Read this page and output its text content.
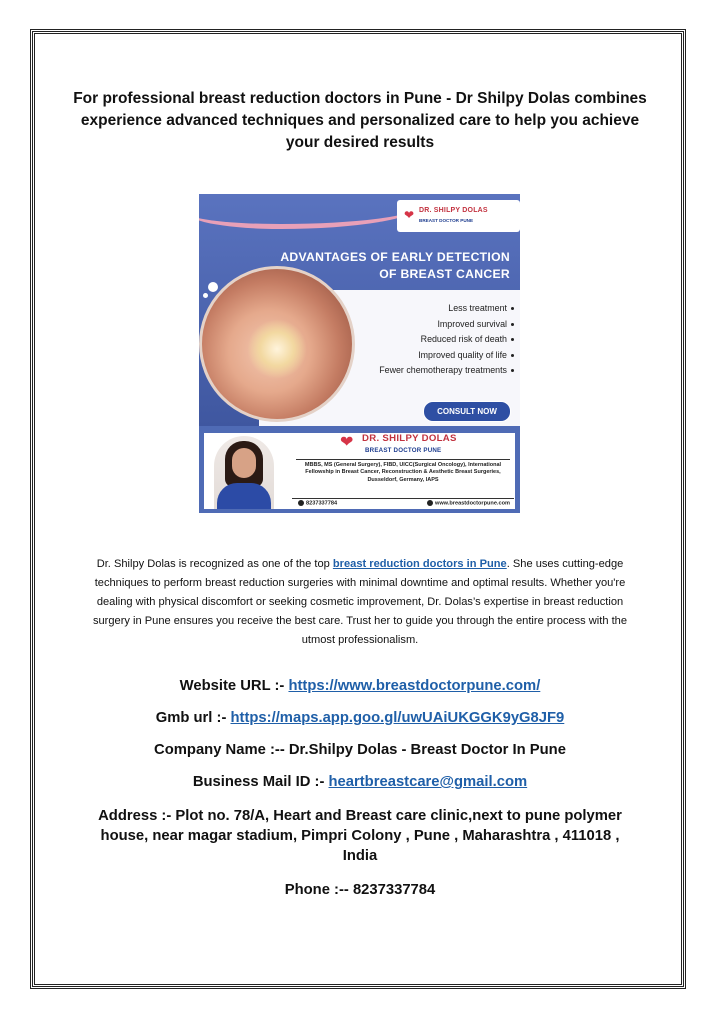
For professional breast reduction doctors in Pune - Dr Shilpy Dolas combines experience advanced techniques and personalized care to help you achieve your desired results
❤ DR. SHILPY DOLAS
BREAST DOCTOR PUNE
ADVANTAGES OF EARLY DETECTION
OF BREAST CANCER
Less treatment
Improved survival
Reduced risk of death
Improved quality of life
Fewer chemotherapy treatments
CONSULT NOW
❤ DR. SHILPY DOLAS
BREAST DOCTOR PUNE
MBBS, MS (General Surgery), FIBD, UICC(Surgical Oncology), International Fellowship in Breast Cancer, Reconstruction & Aesthetic Breast Surgeries, Dusseldorf, Germany, IAPS
8237337784	www.breastdoctorpune.com
Dr. Shilpy Dolas is recognized as one of the top breast reduction doctors in Pune. She uses cutting-edge techniques to perform breast reduction surgeries with minimal downtime and optimal results. Whether you're dealing with physical discomfort or seeking cosmetic improvement, Dr. Dolas’s expertise in breast reduction surgery in Pune ensures you receive the best care. Trust her to guide you through the entire process with the utmost professionalism.
Website URL :- https://www.breastdoctorpune.com/
Gmb url :- https://maps.app.goo.gl/uwUAiUKGGK9yG8JF9
Company Name :-- Dr.Shilpy Dolas - Breast Doctor In Pune
Business Mail ID :- heartbreastcare@gmail.com
Address :- Plot no. 78/A, Heart and Breast care clinic,next to pune polymer house, near magar stadium, Pimpri Colony , Pune , Maharashtra , 411018 , India
Phone :-- 8237337784
